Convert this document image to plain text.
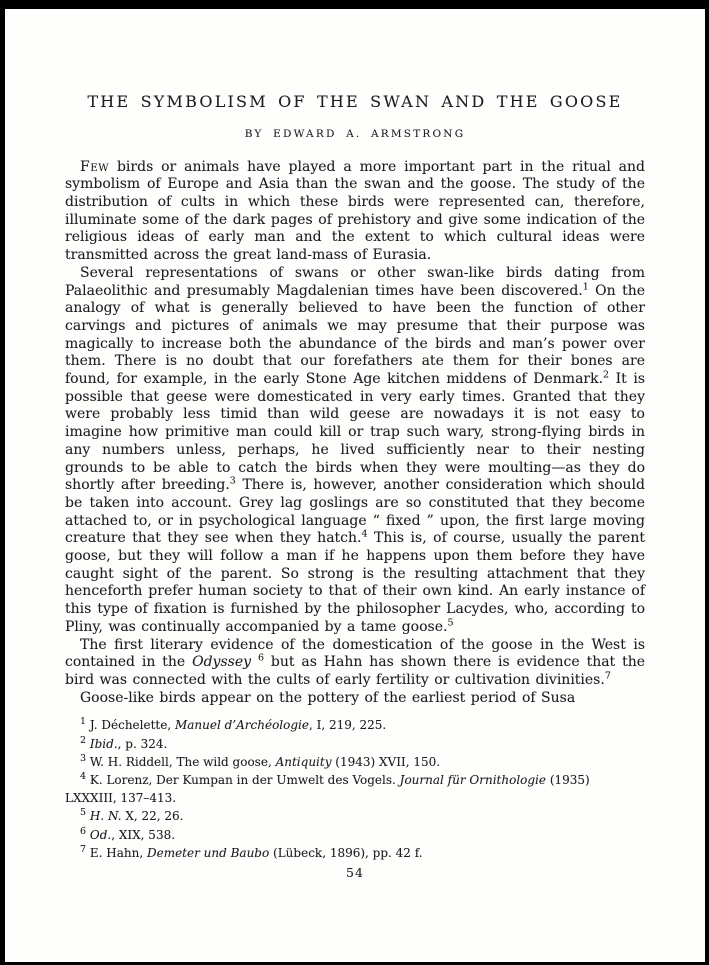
THE SYMBOLISM OF THE SWAN AND THE GOOSE
BY EDWARD A. ARMSTRONG

Few birds or animals have played a more important part in the ritual and symbolism of Europe and Asia than the swan and the goose. The study of the distribution of cults in which these birds were represented can, therefore, illuminate some of the dark pages of prehistory and give some indication of the religious ideas of early man and the extent to which cultural ideas were transmitted across the great land-mass of Eurasia.

Several representations of swans or other swan-like birds dating from Palaeolithic and presumably Magdalenian times have been discovered.$^1$ On the analogy of what is generally believed to have been the function of other carvings and pictures of animals we may presume that their purpose was magically to increase both the abundance of the birds and man’s power over them. There is no doubt that our forefathers ate them for their bones are found, for example, in the early Stone Age kitchen middens of Denmark.$^2$ It is possible that geese were domesticated in very early times. Granted that they were probably less timid than wild geese are nowadays it is not easy to imagine how primitive man could kill or trap such wary, strong-flying birds in any numbers unless, perhaps, he lived sufficiently near to their nesting grounds to be able to catch the birds when they were moulting—as they do shortly after breeding.$^3$ There is, however, another consideration which should be taken into account. Grey lag goslings are so constituted that they become attached to, or in psychological language “ fixed ” upon, the first large moving creature that they see when they hatch.$^4$ This is, of course, usually the parent goose, but they will follow a man if he happens upon them before they have caught sight of the parent. So strong is the resulting attachment that they henceforth prefer human society to that of their own kind. An early instance of this type of fixation is furnished by the philosopher Lacydes, who, according to Pliny, was continually accompanied by a tame goose.$^5$

The first literary evidence of the domestication of the goose in the West is contained in the Odyssey $^6$ but as Hahn has shown there is evidence that the bird was connected with the cults of early fertility or cultivation divinities.$^7$

Goose-like birds appear on the pottery of the earliest period of Susa

$^1$ J. Déchelette, Manuel d’Archéologie, I, 219, 225.

$^2$ Ibid., p. 324.

$^3$ W. H. Riddell, The wild goose, Antiquity (1943) XVII, 150.

$^4$ K. Lorenz, Der Kumpan in der Umwelt des Vogels. Journal für Ornithologie (1935) LXXXIII, 137–413.

$^5$ H. N. X, 22, 26.

$^6$ Od., XIX, 538.

$^7$ E. Hahn, Demeter und Baubo (Lübeck, 1896), pp. 42 f.

54
